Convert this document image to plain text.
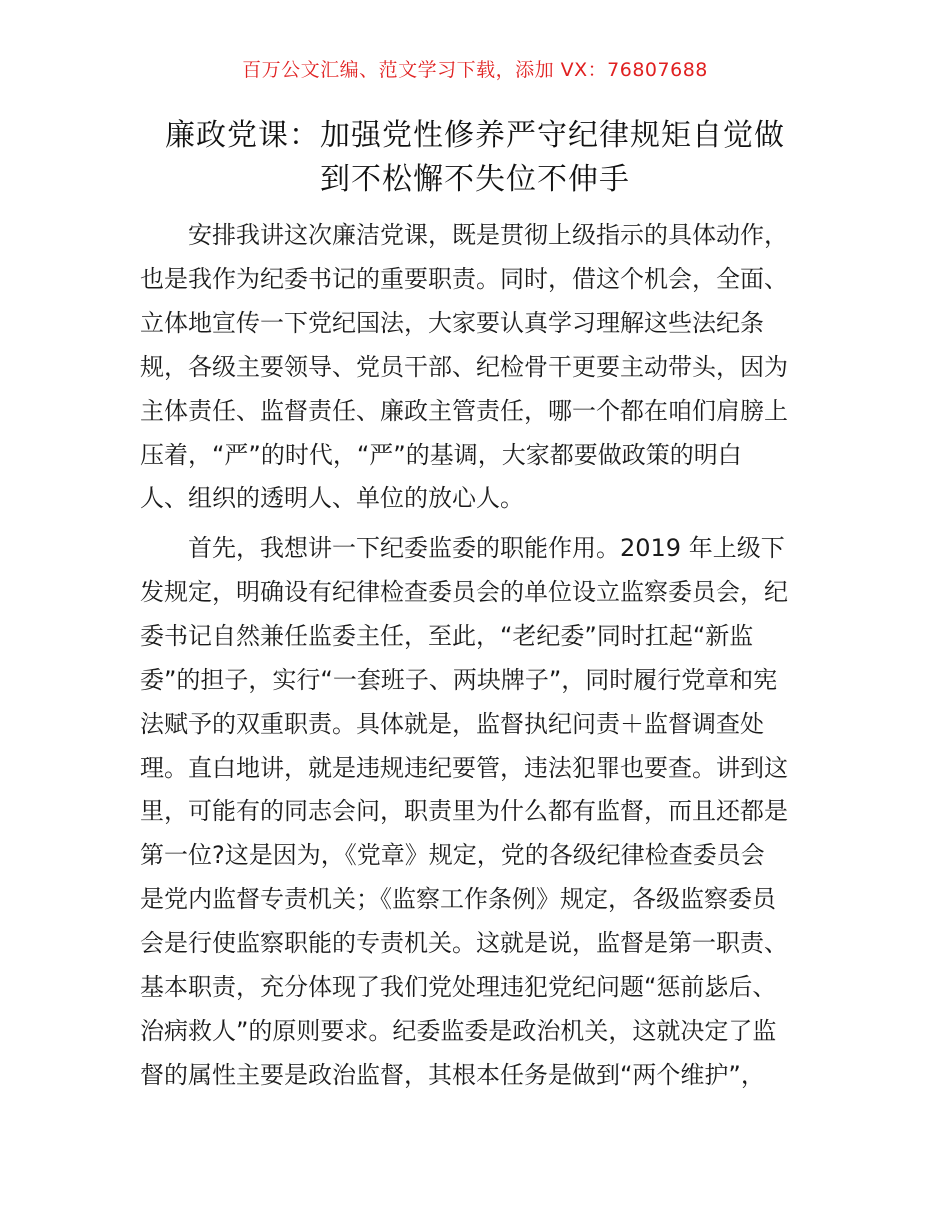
百万公文汇编、范文学习下载，添加 VX：76807688
廉政党课：加强党性修养严守纪律规矩自觉做
到不松懈不失位不伸手
安排我讲这次廉洁党课，既是贯彻上级指示的具体动作，
也是我作为纪委书记的重要职责。同时，借这个机会，全面、
立体地宣传一下党纪国法，大家要认真学习理解这些法纪条
规，各级主要领导、党员干部、纪检骨干更要主动带头，因为
主体责任、监督责任、廉政主管责任，哪一个都在咱们肩膀上
压着，“严”的时代，“严”的基调，大家都要做政策的明白
人、组织的透明人、单位的放心人。
首先，我想讲一下纪委监委的职能作用。2019 年上级下
发规定，明确设有纪律检查委员会的单位设立监察委员会，纪
委书记自然兼任监委主任，至此，“老纪委”同时扛起“新监
委”的担子，实行“一套班子、两块牌子”，同时履行党章和宪
法赋予的双重职责。具体就是，监督执纪问责＋监督调查处
理。直白地讲，就是违规违纪要管，违法犯罪也要查。讲到这
里，可能有的同志会问，职责里为什么都有监督，而且还都是
第一位?这是因为，《党章》规定，党的各级纪律检查委员会
是党内监督专责机关；《监察工作条例》规定，各级监察委员
会是行使监察职能的专责机关。这就是说，监督是第一职责、
基本职责，充分体现了我们党处理违犯党纪问题“惩前毖后、
治病救人”的原则要求。纪委监委是政治机关，这就决定了监
督的属性主要是政治监督，其根本任务是做到“两个维护”，
